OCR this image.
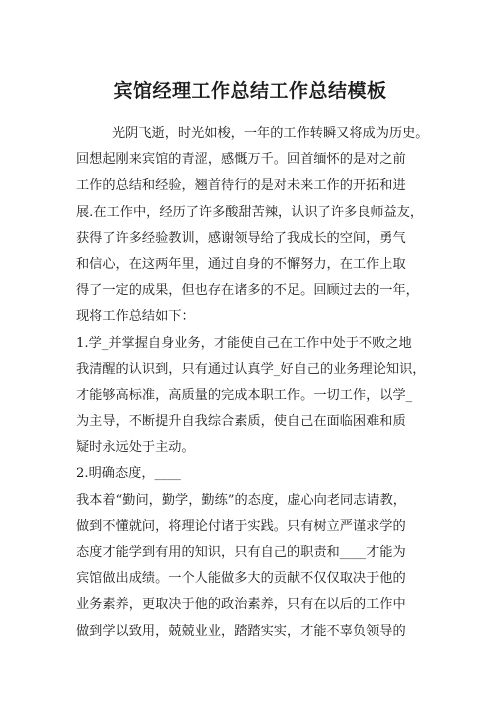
宾馆经理工作总结工作总结模板
光阴飞逝，时光如梭，一年的工作转瞬又将成为历史。
回想起刚来宾馆的青涩，感慨万千。回首缅怀的是对之前
工作的总结和经验，翘首待行的是对未来工作的开拓和进
展.在工作中，经历了许多酸甜苦辣，认识了许多良师益友，
获得了许多经验教训，感谢领导给了我成长的空间，勇气
和信心，在这两年里，通过自身的不懈努力，在工作上取
得了一定的成果，但也存在诸多的不足。回顾过去的一年，
现将工作总结如下：
1.学_并掌握自身业务，才能使自己在工作中处于不败之地
我清醒的认识到，只有通过认真学_好自己的业务理论知识，
才能够高标准，高质量的完成本职工作。一切工作，以学_
为主导，不断提升自我综合素质，使自己在面临困难和质
疑时永远处于主动。
2.明确态度，____
我本着“勤问，勤学，勤练”的态度，虚心向老同志请教，
做到不懂就问，将理论付诸于实践。只有树立严谨求学的
态度才能学到有用的知识，只有自己的职责和____才能为
宾馆做出成绩。一个人能做多大的贡献不仅仅取决于他的
业务素养，更取决于他的政治素养，只有在以后的工作中
做到学以致用，兢兢业业，踏踏实实，才能不辜负领导的
